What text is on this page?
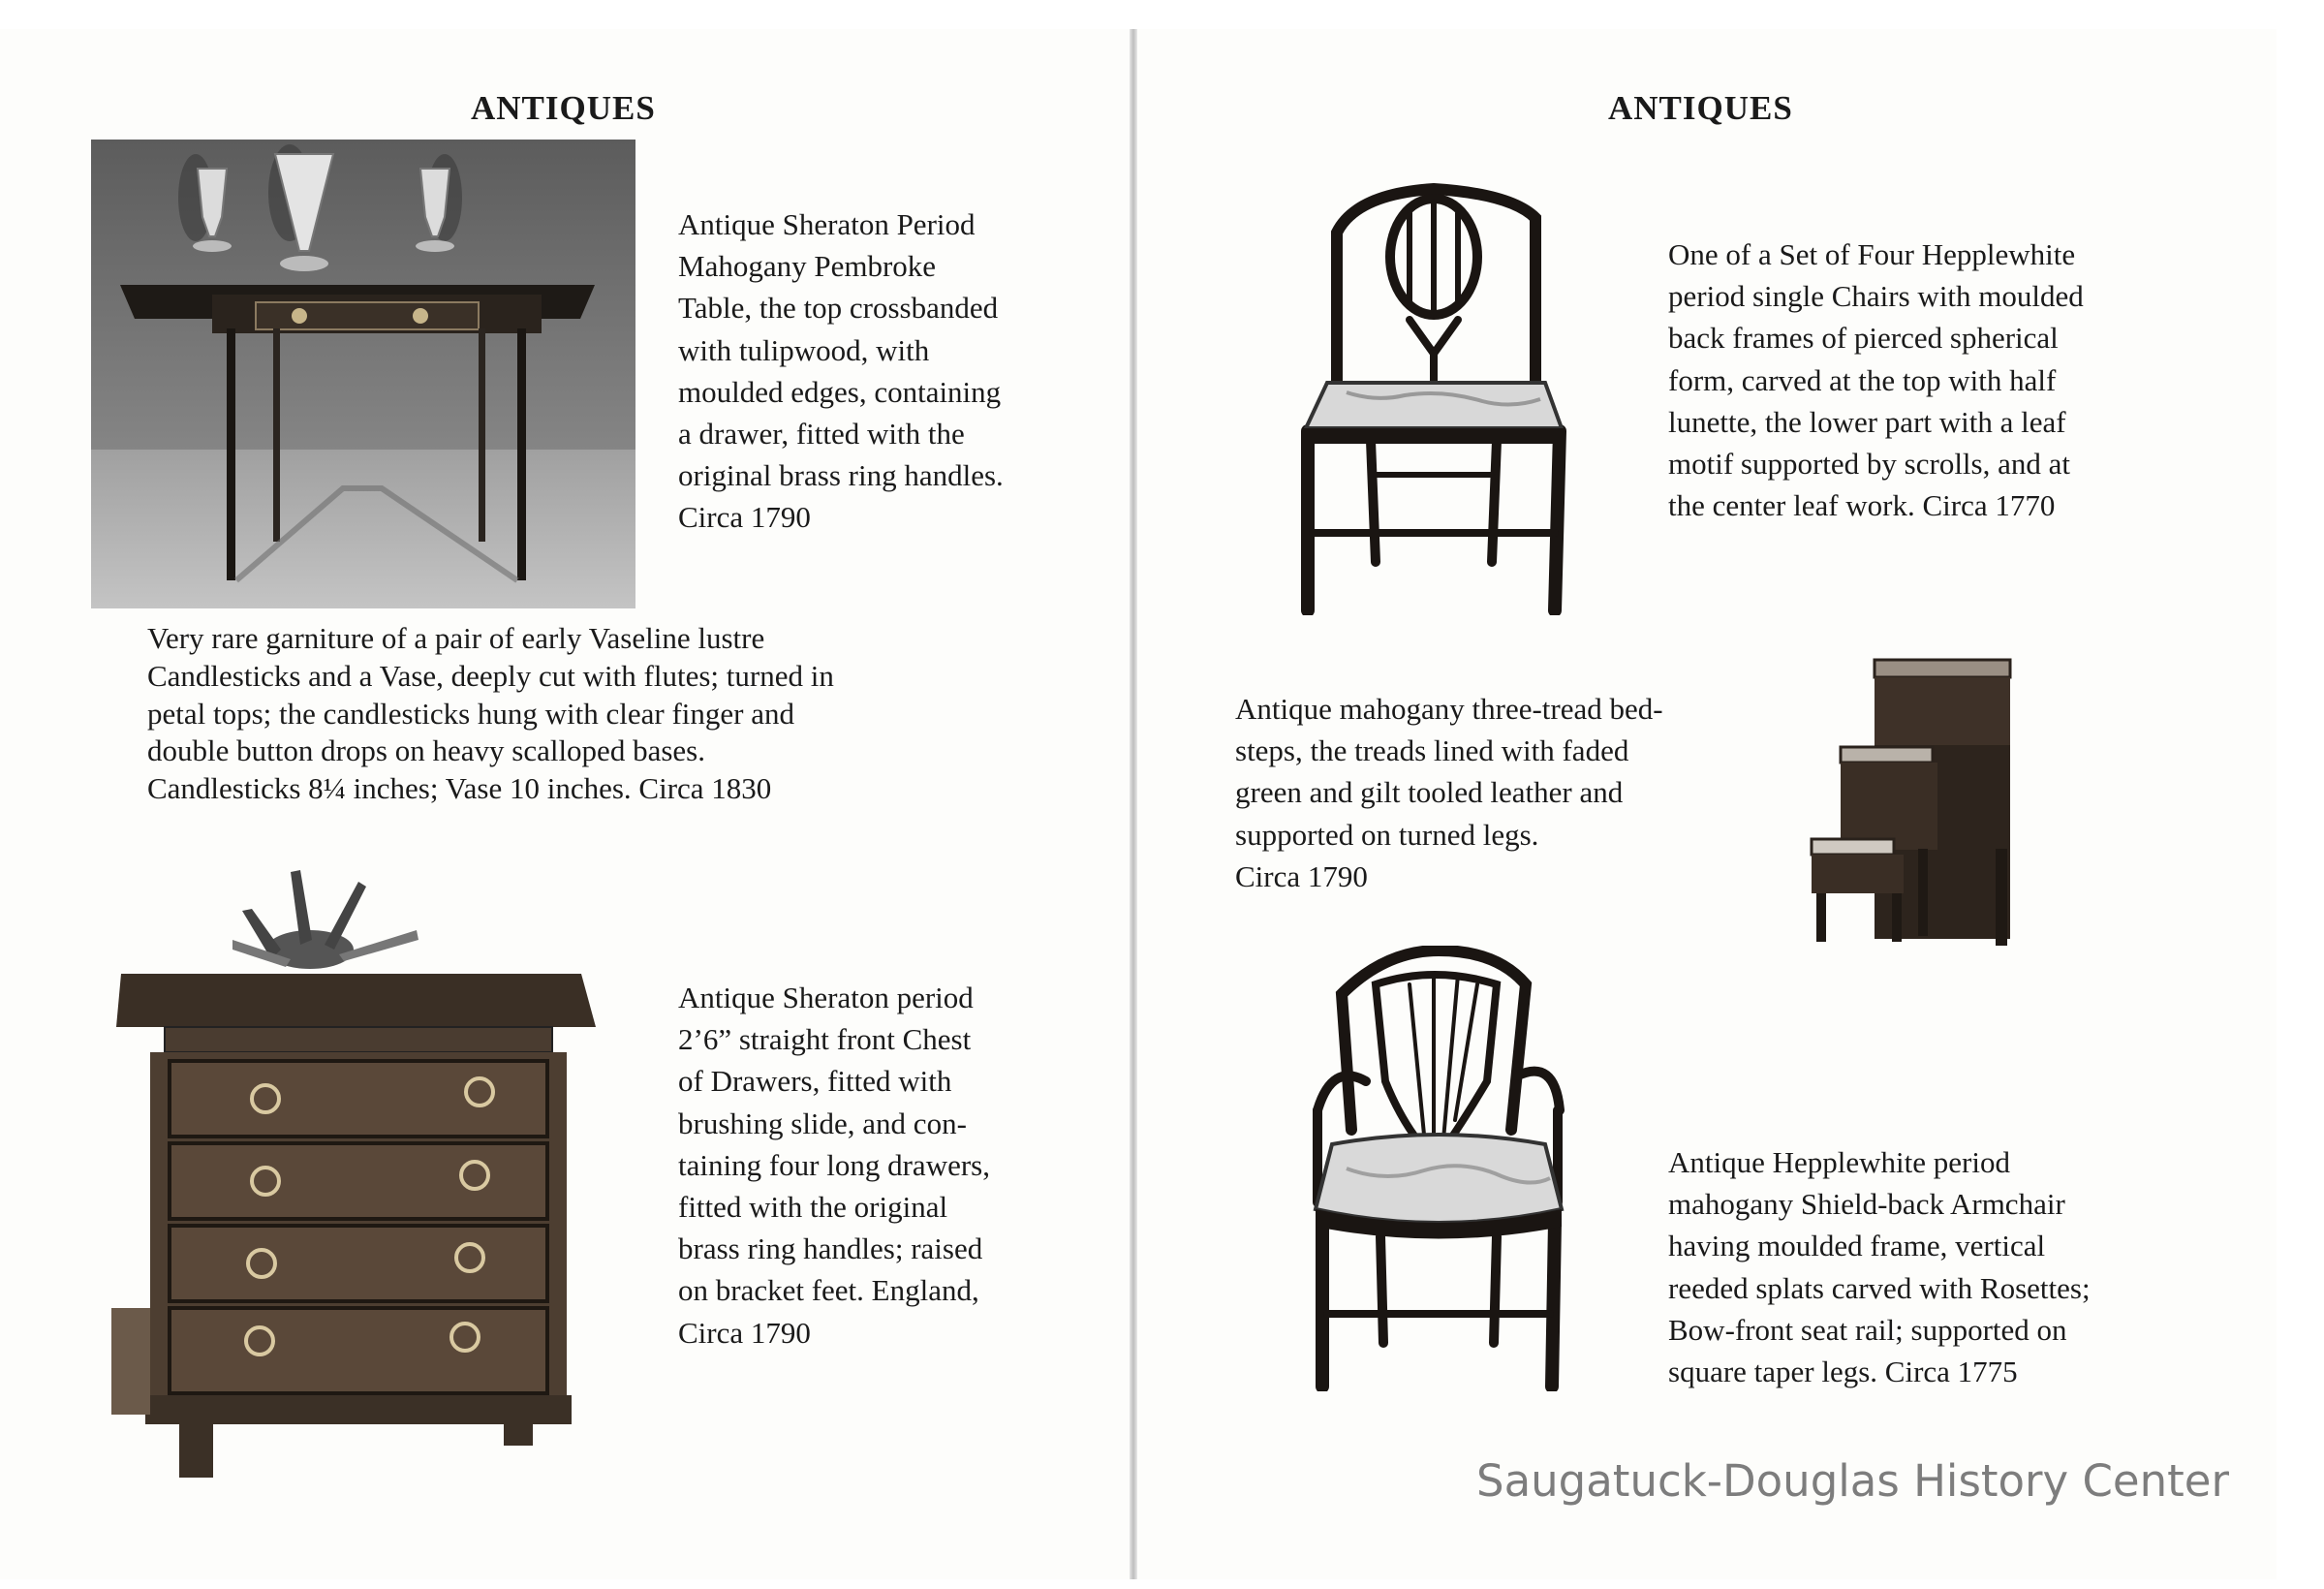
ANTIQUES
Antique Sheraton Period
Mahogany Pembroke
Table, the top crossbanded
with tulipwood, with
moulded edges, containing
a drawer, fitted with the
original brass ring handles.
Circa 1790
Very rare garniture of a pair of early Vaseline lustre
Candlesticks and a Vase, deeply cut with flutes; turned in
petal tops; the candlesticks hung with clear finger and
double button drops on heavy scalloped bases.
Candlesticks 8¼ inches; Vase 10 inches. Circa 1830
Antique Sheraton period
2’6” straight front Chest
of Drawers, fitted with
brushing slide, and con-
taining four long drawers,
fitted with the original
brass ring handles; raised
on bracket feet. England,
Circa 1790
ANTIQUES
One of a Set of Four Hepplewhite
period single Chairs with moulded
back frames of pierced spherical
form, carved at the top with half
lunette, the lower part with a leaf
motif supported by scrolls, and at
the center leaf work. Circa 1770
Antique mahogany three-tread bed-
steps, the treads lined with faded
green and gilt tooled leather and
supported on turned legs.
Circa 1790
Antique Hepplewhite period
mahogany Shield-back Armchair
having moulded frame, vertical
reeded splats carved with Rosettes;
Bow-front seat rail; supported on
square taper legs. Circa 1775
Saugatuck-Douglas History Center
